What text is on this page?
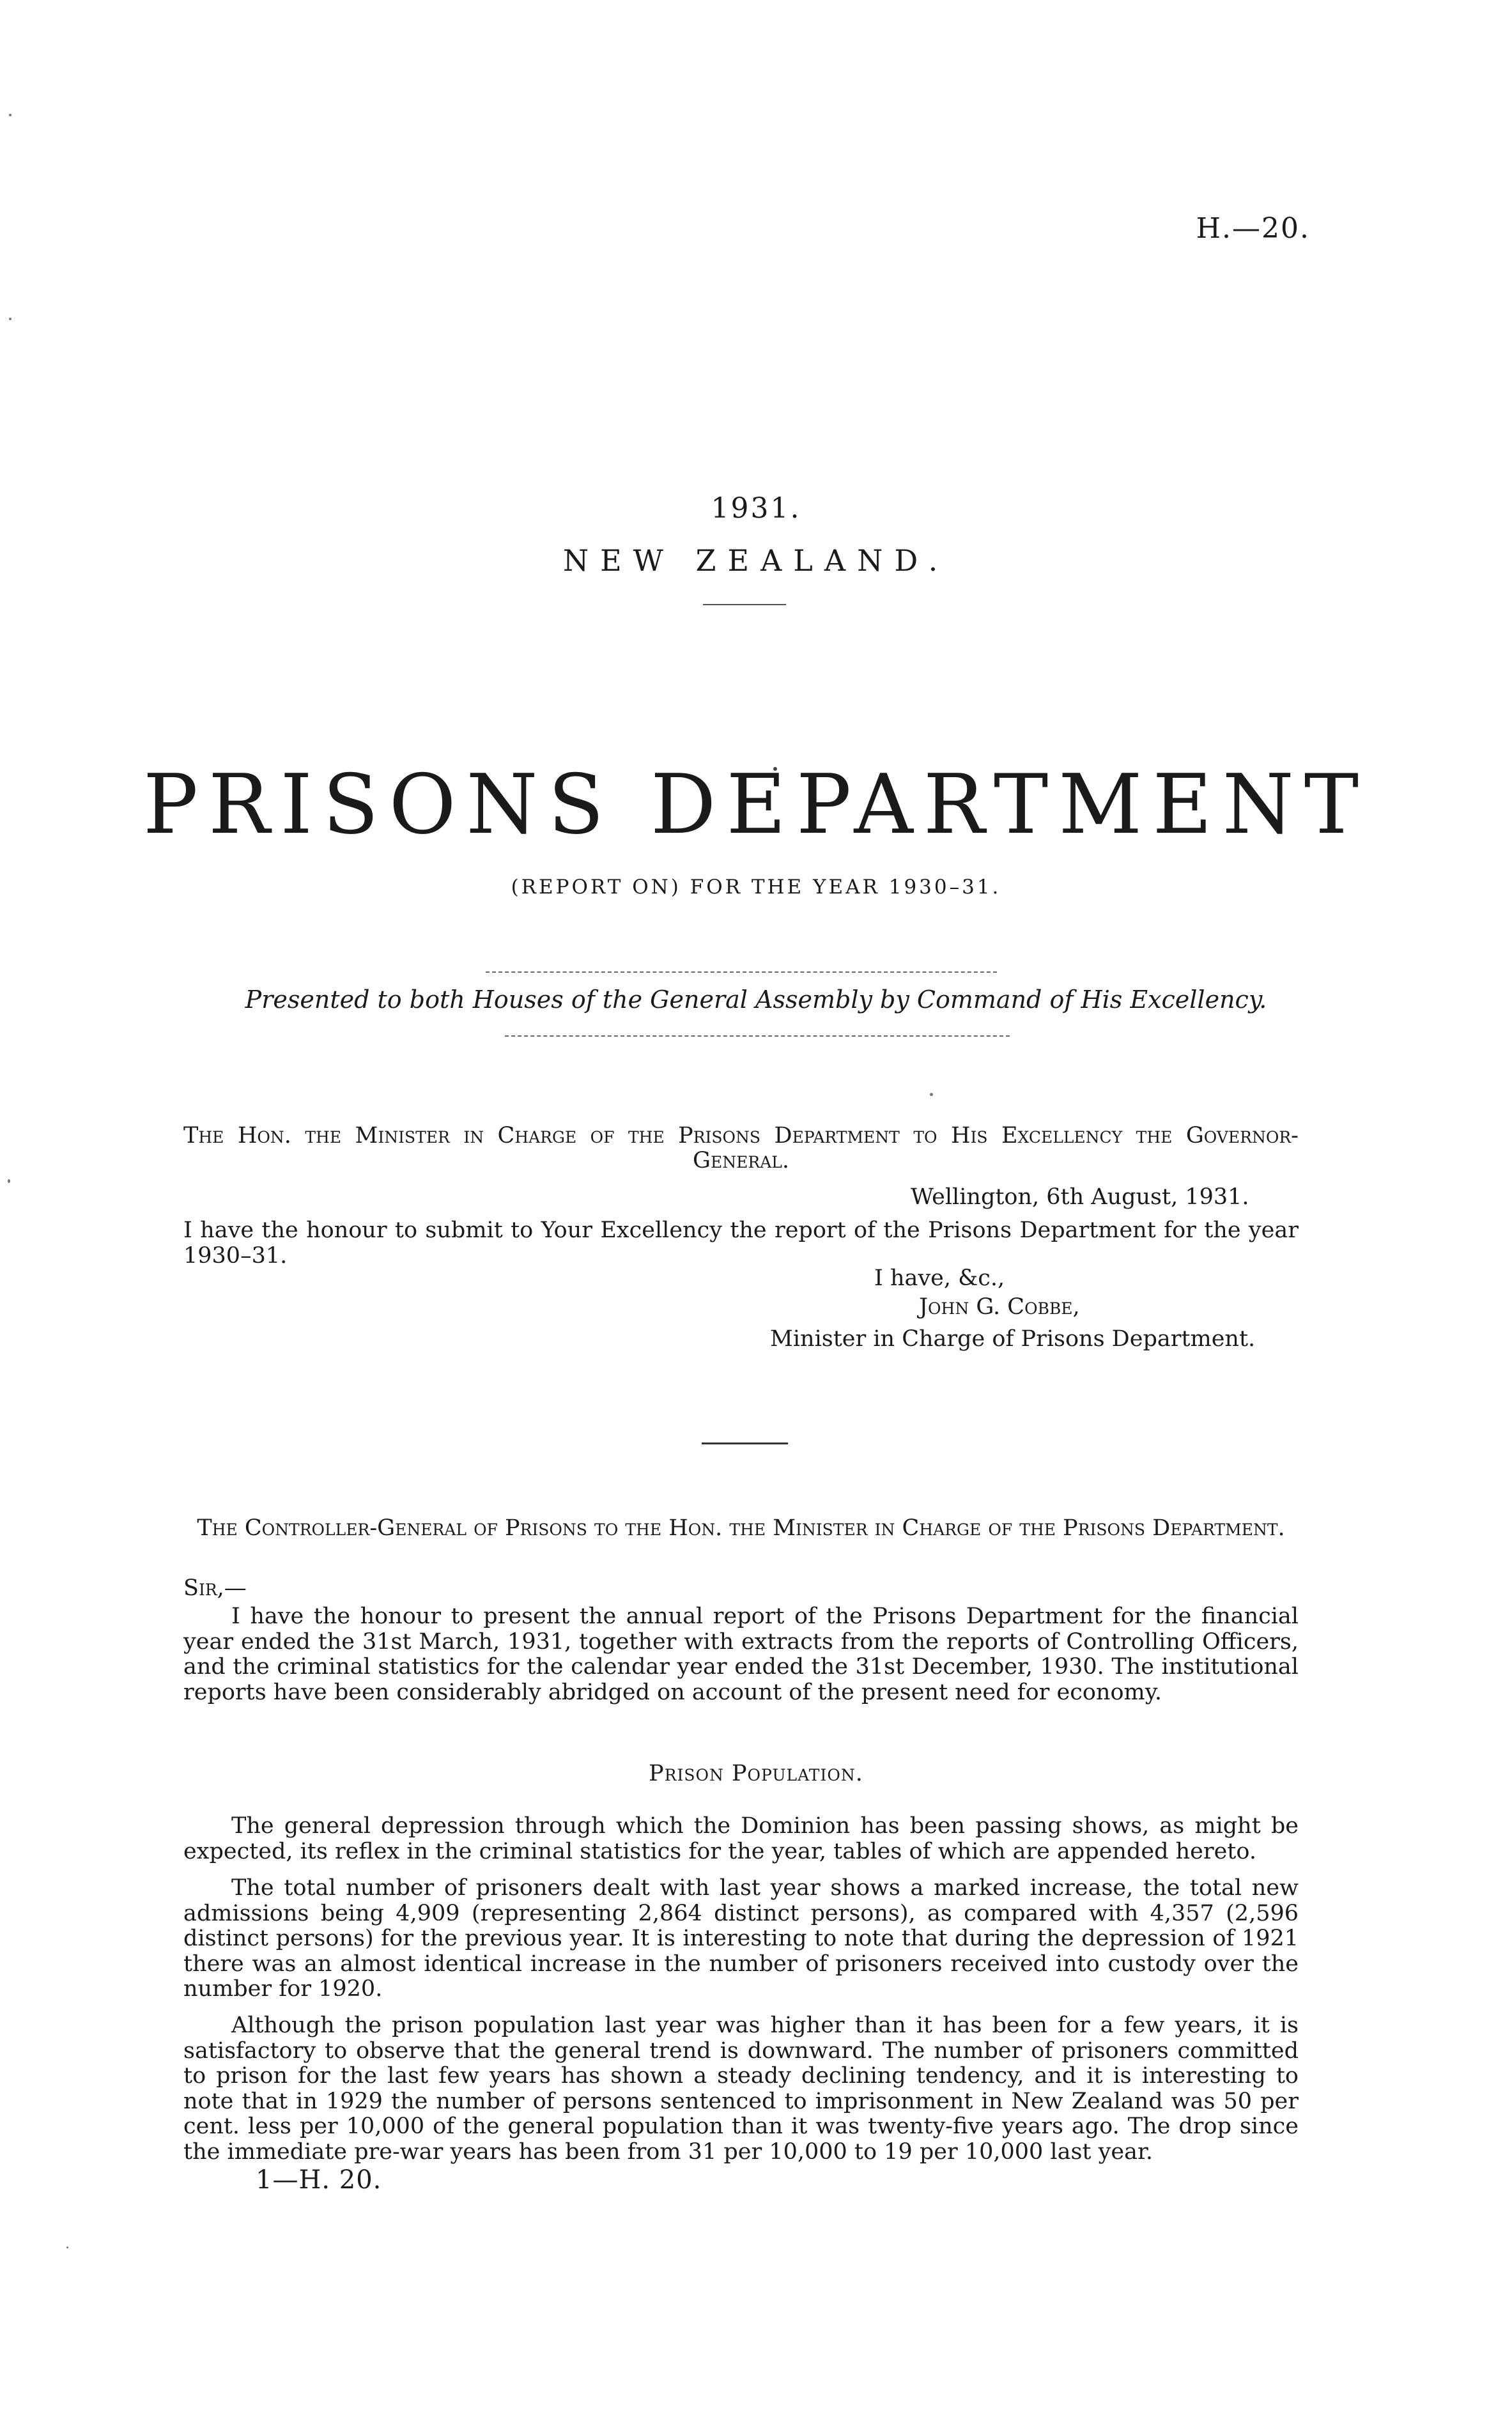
H.—20.
1931.
NEW ZEALAND.
PRISONS DEPARTMENT
(REPORT ON) FOR THE YEAR 1930–31.
Presented to both Houses of the General Assembly by Command of His Excellency.
The Hon. the Minister in Charge of the Prisons Department to His Excellency the Governor-General.
Wellington, 6th August, 1931.
I have the honour to submit to Your Excellency the report of the Prisons Department for the year 1930–31.
I have, &c.,
John G. Cobbe,
Minister in Charge of Prisons Department.
The Controller-General of Prisons to the Hon. the Minister in Charge of the Prisons Department.
Sir,—
I have the honour to present the annual report of the Prisons Department for the financial year ended the 31st March, 1931, together with extracts from the reports of Controlling Officers, and the criminal statistics for the calendar year ended the 31st December, 1930. The institutional reports have been considerably abridged on account of the present need for economy.
Prison Population.
The general depression through which the Dominion has been passing shows, as might be expected, its reflex in the criminal statistics for the year, tables of which are appended hereto.
The total number of prisoners dealt with last year shows a marked increase, the total new admissions being 4,909 (representing 2,864 distinct persons), as compared with 4,357 (2,596 distinct persons) for the previous year. It is interesting to note that during the depression of 1921 there was an almost identical increase in the number of prisoners received into custody over the number for 1920.
Although the prison population last year was higher than it has been for a few years, it is satisfactory to observe that the general trend is downward. The number of prisoners committed to prison for the last few years has shown a steady declining tendency, and it is interesting to note that in 1929 the number of persons sentenced to imprisonment in New Zealand was 50 per cent. less per 10,000 of the general population than it was twenty-five years ago. The drop since the immediate pre-war years has been from 31 per 10,000 to 19 per 10,000 last year.
1—H. 20.
